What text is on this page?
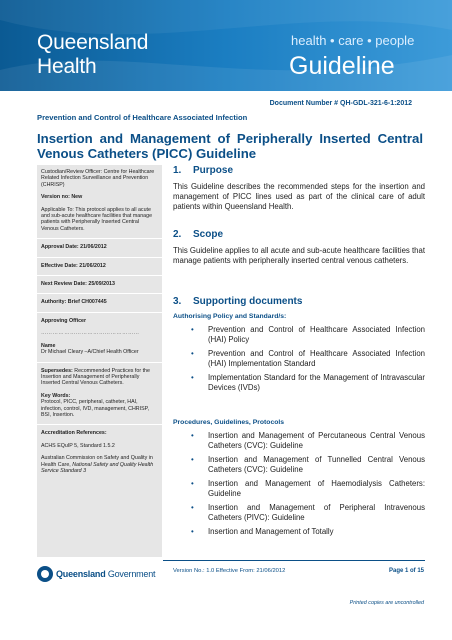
Queensland
Health
health • care • people
Guideline
Document Number # QH-GDL-321-6-1:2012
Prevention and Control of Healthcare Associated Infection
Insertion and Management of Peripherally Inserted Central Venous Catheters (PICC) Guideline
Custodian/Review Officer: Centre for Healthcare Related Infection Surveillance and Prevention (CHRISP)
Version no: New
Applicable To: This protocol applies to all acute and sub-acute healthcare facilities that manage patients with Peripherally Inserted Central Venous Catheters.
Approval Date: 21/06/2012
Effective Date: 21/06/2012
Next Review Date: 25/09/2013
Authority: Brief CH007445
Approving Officer
……………………………………………
Name
Dr Michael Cleary –A/Chief Health Officer
Supersedes: Recommended Practices for the Insertion and Management of Peripherally Inserted Central Venous Catheters.
Key Words:
Protocol, PICC, peripheral, catheter, HAI, infection, control, IVD, management, CHRISP, BSI, Insertion.
Accreditation References:
ACHS EQuIP 5, Standard 1.5.2
Australian Commission on Safety and Quality in Health Care, National Safety and Quality Health Service Standard 3
1. Purpose
This Guideline describes the recommended steps for the insertion and management of PICC lines used as part of the clinical care of adult patients within Queensland Health.
2. Scope
This Guideline applies to all acute and sub-acute healthcare facilities that manage patients with peripherally inserted central venous catheters.
3. Supporting documents
Authorising Policy and Standard/s:
• Prevention and Control of Healthcare Associated Infection (HAI) Policy
• Prevention and Control of Healthcare Associated Infection (HAI) Implementation Standard
• Implementation Standard for the Management of Intravascular Devices (IVDs)
Procedures, Guidelines, Protocols
• Insertion and Management of Percutaneous Central Venous Catheters (CVC): Guideline
• Insertion and Management of Tunnelled Central Venous Catheters (CVC): Guideline
• Insertion and Management of Haemodialysis Catheters: Guideline
• Insertion and Management of Peripheral Intravenous Catheters (PIVC): Guideline
• Insertion and Management of Totally
Queensland Government	Version No.: 1.0 Effective From: 21/06/2012	Page 1 of 15
Printed copies are uncontrolled
